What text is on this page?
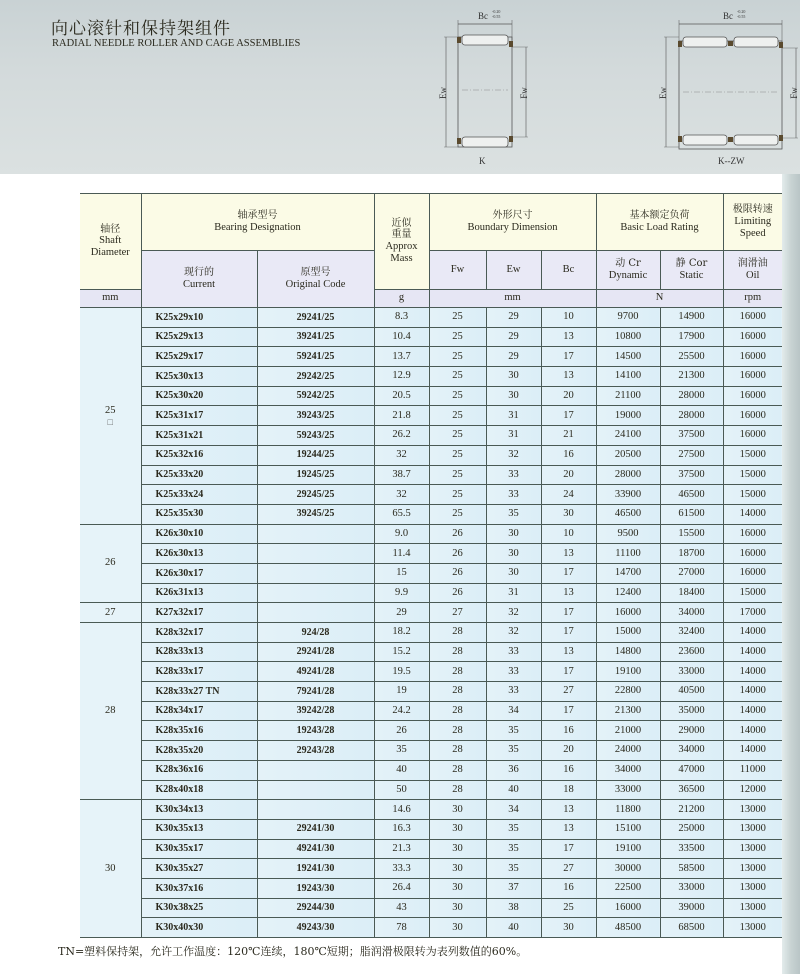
向心滚针和保持架组件
RADIAL NEEDLE ROLLER AND CAGE ASSEMBLIES
Bc -0.20
-0.55
Ew	Fw
K
Bc -0.20
-0.55
Ew	Fw
K--ZW
轴径
Shaft
Diameter	轴承型号
Bearing Designation		近似
重量
Approx
Mass	外形尺寸
Boundary Dimension			基本额定负荷
Basic Load Rating		极限转速
Limiting
Speed

	现行的
Current	原型号
Original Code		Fw	Ew	Bc	动 Cr
Dynamic	静 Cor
Static	润滑油
Oil

mm			g	mm			N		rpm

25
□	K25x29x10	29241/25	8.3	25	29	10	9700	14900	16000
	K25x29x13	39241/25	10.4	25	29	13	10800	17900	16000
	K25x29x17	59241/25	13.7	25	29	17	14500	25500	16000
	K25x30x13	29242/25	12.9	25	30	13	14100	21300	16000
	K25x30x20	59242/25	20.5	25	30	20	21100	28000	16000
	K25x31x17	39243/25	21.8	25	31	17	19000	28000	16000
	K25x31x21	59243/25	26.2	25	31	21	24100	37500	16000
	K25x32x16	19244/25	32	25	32	16	20500	27500	15000
	K25x33x20	19245/25	38.7	25	33	20	28000	37500	15000
	K25x33x24	29245/25	32	25	33	24	33900	46500	15000
	K25x35x30	39245/25	65.5	25	35	30	46500	61500	14000

26	K26x30x10		9.0	26	30	10	9500	15500	16000
	K26x30x13		11.4	26	30	13	11100	18700	16000
	K26x30x17		15	26	30	17	14700	27000	16000
	K26x31x13		9.9	26	31	13	12400	18400	15000

27	K27x32x17		29	27	32	17	16000	34000	17000

28	K28x32x17	924/28	18.2	28	32	17	15000	32400	14000
	K28x33x13	29241/28	15.2	28	33	13	14800	23600	14000
	K28x33x17	49241/28	19.5	28	33	17	19100	33000	14000
	K28x33x27 TN	79241/28	19	28	33	27	22800	40500	14000
	K28x34x17	39242/28	24.2	28	34	17	21300	35000	14000
	K28x35x16	19243/28	26	28	35	16	21000	29000	14000
	K28x35x20	29243/28	35	28	35	20	24000	34000	14000
	K28x36x16		40	28	36	16	34000	47000	11000
	K28x40x18		50	28	40	18	33000	36500	12000

30	K30x34x13		14.6	30	34	13	11800	21200	13000
	K30x35x13	29241/30	16.3	30	35	13	15100	25000	13000
	K30x35x17	49241/30	21.3	30	35	17	19100	33500	13000
	K30x35x27	19241/30	33.3	30	35	27	30000	58500	13000
	K30x37x16	19243/30	26.4	30	37	16	22500	33000	13000
	K30x38x25	29244/30	43	30	38	25	16000	39000	13000
	K30x40x30	49243/30	78	30	40	30	48500	68500	13000
TN=塑料保持架，允许工作温度：120℃连续，180℃短期；脂润滑极限转为表列数值的60%。
